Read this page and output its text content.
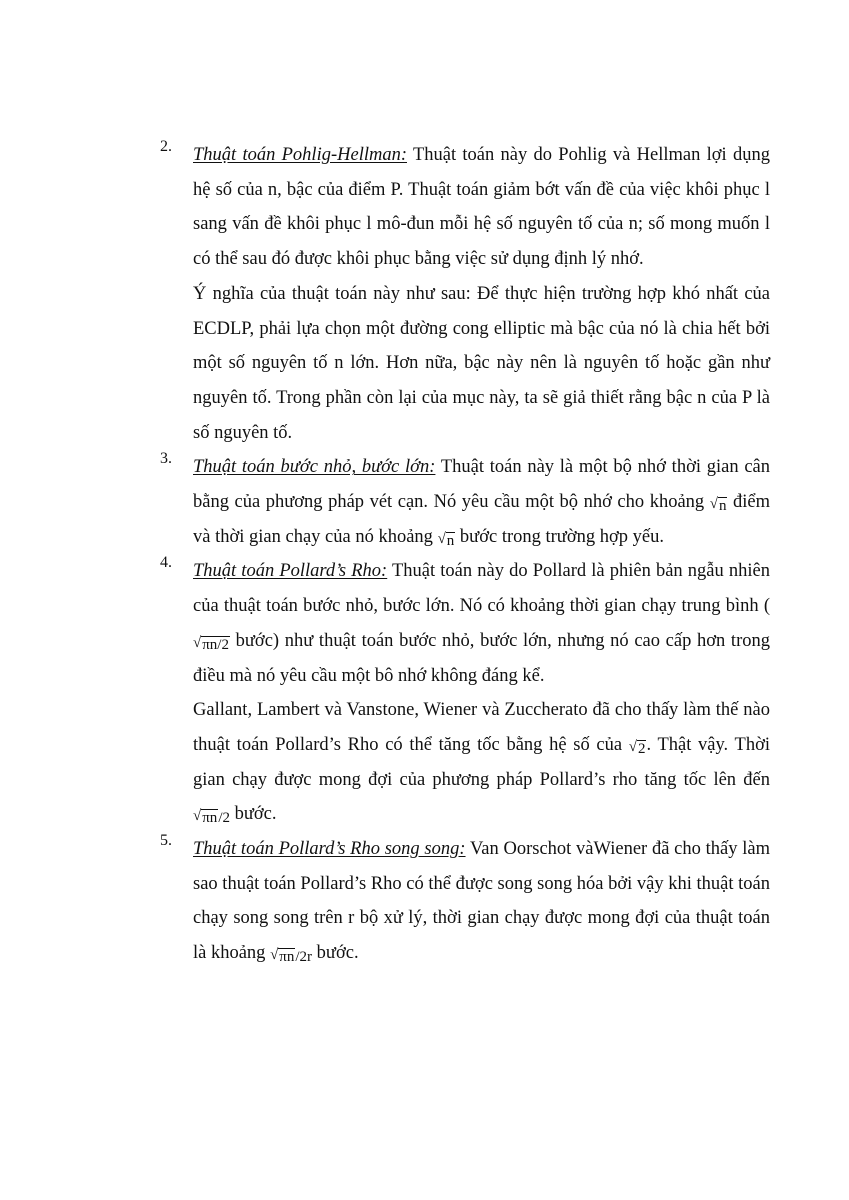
2.	Thuật toán Pohlig-Hellman: Thuật toán này do Pohlig và Hellman lợi dụng hệ số của n, bậc của điểm P. Thuật toán giảm bớt vấn đề của việc khôi phục l sang vấn đề khôi phục l mô-đun mỗi hệ số nguyên tố của n; số mong muốn l có thể sau đó được khôi phục bằng việc sử dụng định lý nhớ.

Ý nghĩa của thuật toán này như sau: Để thực hiện trường hợp khó nhất của ECDLP, phải lựa chọn một đường cong elliptic mà bậc của nó là chia hết bởi một số nguyên tố n lớn. Hơn nữa, bậc này nên là nguyên tố hoặc gần như nguyên tố. Trong phần còn lại của mục này, ta sẽ giả thiết rằng bậc n của P là số nguyên tố.

3.	Thuật toán bước nhỏ, bước lớn: Thuật toán này là một bộ nhớ thời gian cân bằng của phương pháp vét cạn. Nó yêu cầu một bộ nhớ cho khoảng √ n điểm và thời gian chạy của nó khoảng √ n bước trong trường hợp yếu.

4.	Thuật toán Pollard’s Rho: Thuật toán này do Pollard là phiên bản ngẫu nhiên của thuật toán bước nhỏ, bước lớn. Nó có khoảng thời gian chạy trung bình (
√ πn/2 bước) như thuật toán bước nhỏ, bước lớn, nhưng nó cao cấp hơn trong điều mà nó yêu cầu một bô nhớ không đáng kể.

Gallant, Lambert và Vanstone, Wiener và Zuccherato đã cho thấy làm thế nào thuật toán Pollard’s Rho có thể tăng tốc bằng hệ số của √ 2 . Thật vậy. Thời gian chạy được mong đợi của phương pháp Pollard’s rho tăng tốc lên đến
√ πn /2 bước.

5.	Thuật toán Pollard’s Rho song song: Van Oorschot vàWiener đã cho thấy làm sao thuật toán Pollard’s Rho có thể được song song hóa bởi vậy khi thuật toán chạy song song trên r bộ xử lý, thời gian chạy được mong đợi của thuật toán là khoảng √ πn /2r bước.
